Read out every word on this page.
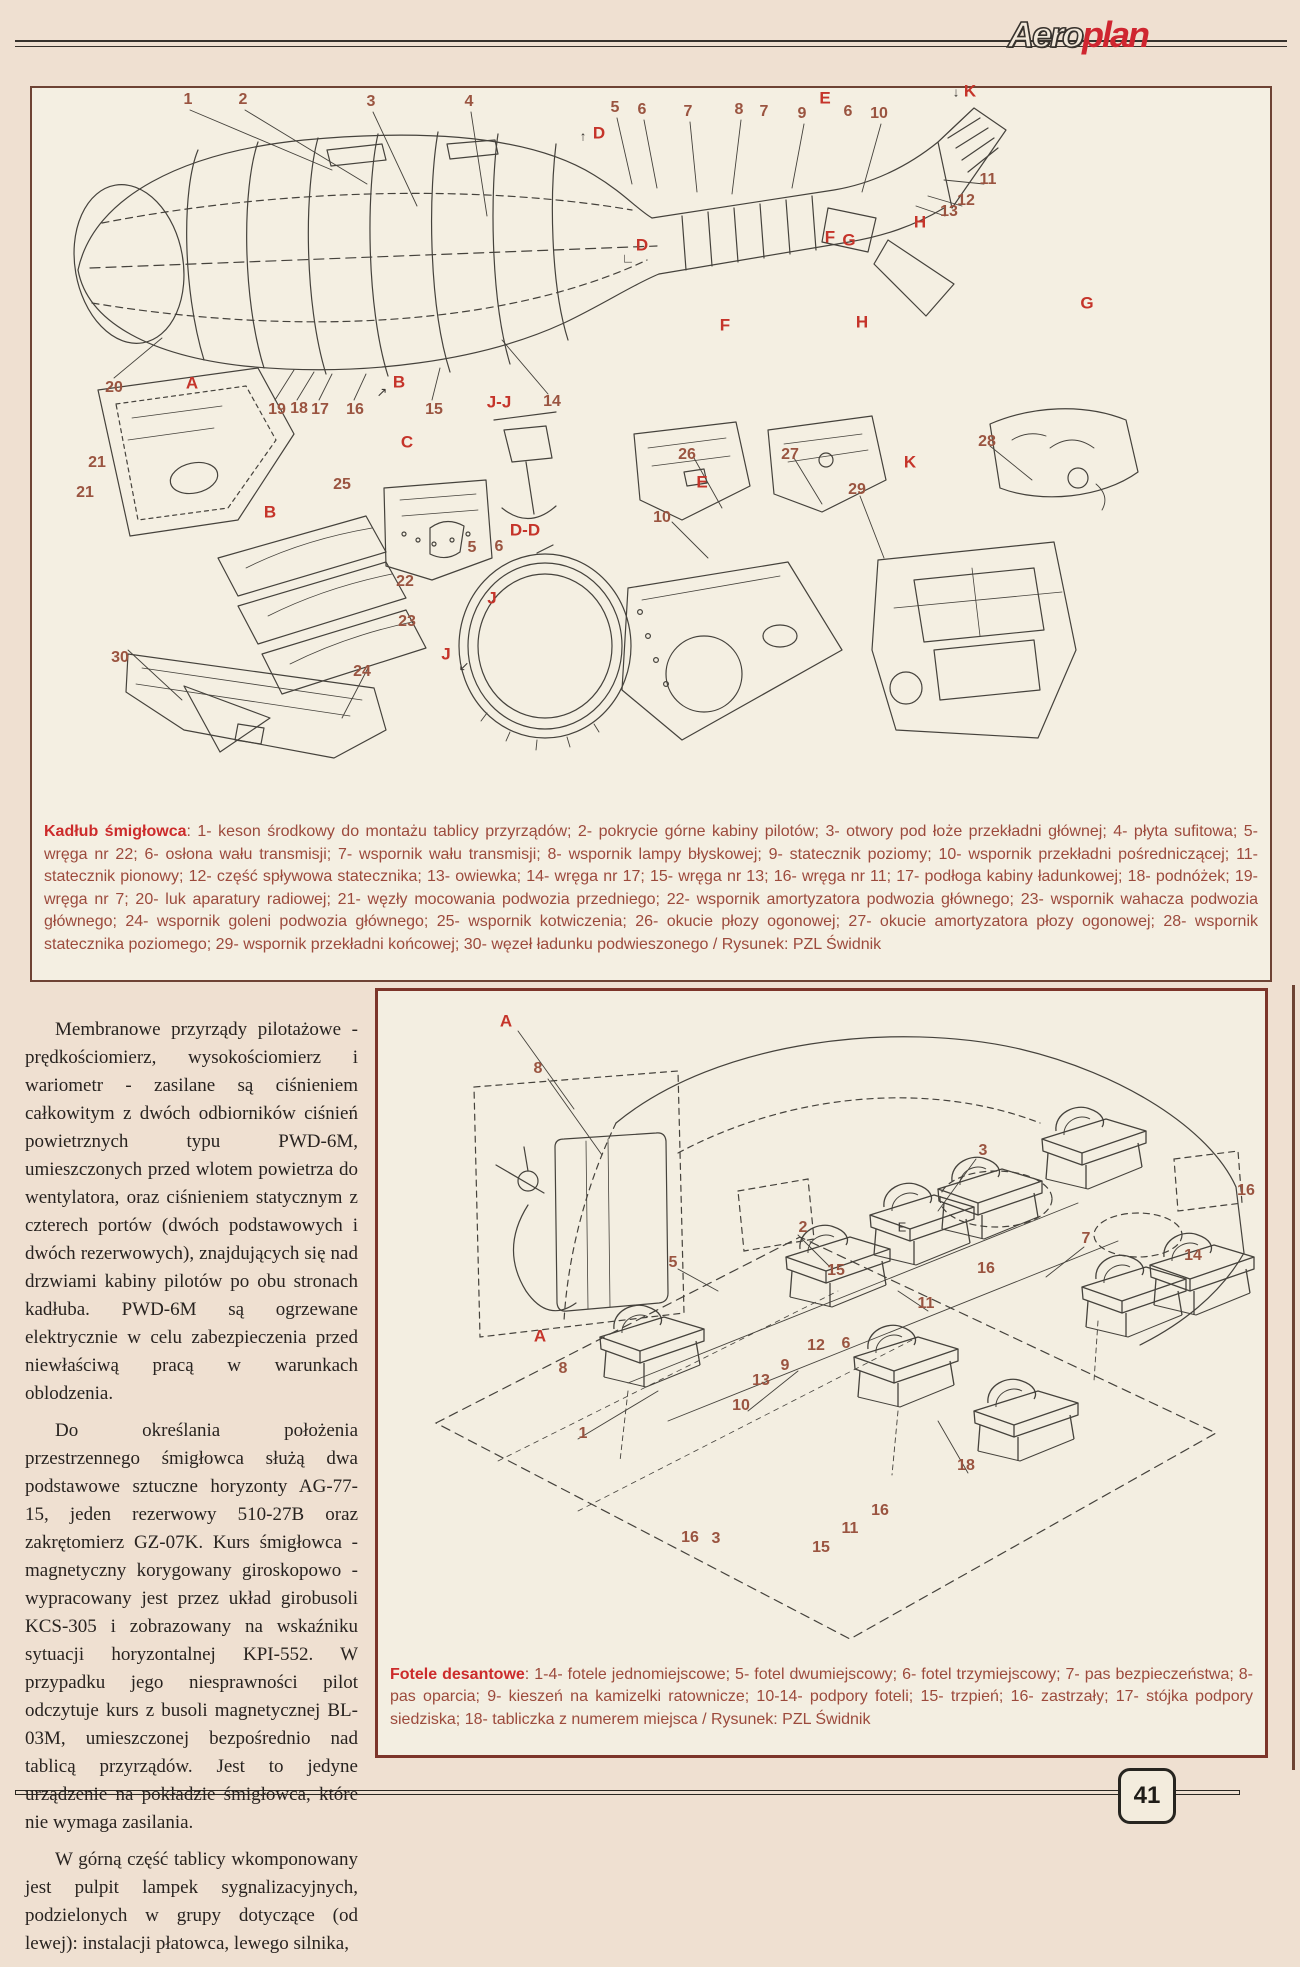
Aeroplan
1	2	3	4	5 6 7	8 7 9
E
6 10
↓ K
11
12
13
H
F G
↑ D
∟
D
20	A
19 18 17 16
↗
B
15	J-J 14
F	H
G
21
21
C
25
B
22
23
D-D
5 6
26	27
28
E
K
29
10
J
J
↙
30
24

Kadłub śmigłowca: 1- keson środkowy do montażu tablicy przyrządów; 2- pokrycie górne kabiny pilotów; 3- otwory pod łoże przekładni głównej; 4- płyta sufitowa; 5- wręga nr 22; 6- osłona wału transmisji; 7- wspornik wału transmisji; 8- wspornik lampy błyskowej; 9- statecznik poziomy; 10- wspornik przekładni pośredniczącej; 11- statecznik pionowy; 12- część spływowa statecznika; 13- owiewka; 14- wręga nr 17; 15- wręga nr 13; 16- wręga nr 11; 17- podłoga kabiny ładunkowej; 18- podnóżek; 19- wręga nr 7; 20- luk aparatury radiowej; 21- węzły mocowania podwozia przedniego; 22- wspornik amortyzatora podwozia głównego; 23- wspornik wahacza podwozia głównego; 24- wspornik goleni podwozia głównego; 25- wspornik kotwiczenia; 26- okucie płozy ogonowej; 27- okucie amortyzatora płozy ogonowej; 28- wspornik statecznika poziomego; 29- wspornik przekładni końcowej; 30- węzeł ładunku podwieszonego / Rysunek: PZL Świdnik

Membranowe przyrządy pilotażowe - prędkościomierz, wysokościomierz i wariometr - zasilane są ciśnieniem całkowitym z dwóch odbiorników ciśnień powietrznych typu PWD-6M, umieszczonych przed wlotem powietrza do wentylatora, oraz ciśnieniem statycznym z czterech portów (dwóch podstawowych i dwóch rezerwowych), znajdujących się nad drzwiami kabiny pilotów po obu stronach kadłuba. PWD-6M są ogrzewane elektrycznie w celu zabezpieczenia przed niewłaściwą pracą w warunkach oblodzenia.

Do określania położenia przestrzennego śmigłowca służą dwa podstawowe sztuczne horyzonty AG-77-15, jeden rezerwowy 510-27B oraz zakrętomierz GZ-07K. Kurs śmigłowca - magnetyczny korygowany giroskopowo - wypracowany jest przez układ girobusoli KCS-305 i zobrazowany na wskaźniku sytuacji horyzontalnej KPI-552. W przypadku jego niesprawności pilot odczytuje kurs z busoli magnetycznej BL-03M, umieszczonej bezpośrednio nad tablicą przyrządów. Jest to jedyne urządzenie na pokładzie śmigłowca, które nie wymaga zasilania.

W górną część tablicy wkomponowany jest pulpit lampek sygnalizacyjnych, podzielonych w grupy dotyczące (od lewej): instalacji płatowca, lewego silnika,

A
8
3
16
2
5
7
E
15	16
11
14
A
8
12 6
9
13
10
1
18
16
11
15
16 3

Fotele desantowe: 1-4- fotele jednomiejscowe; 5- fotel dwumiejscowy; 6- fotel trzymiejscowy; 7- pas bezpieczeństwa; 8- pas oparcia; 9- kieszeń na kamizelki ratownicze; 10-14- podpory foteli; 15- trzpień; 16- zastrzały; 17- stójka podpory siedziska; 18- tabliczka z numerem miejsca / Rysunek: PZL Świdnik

41
